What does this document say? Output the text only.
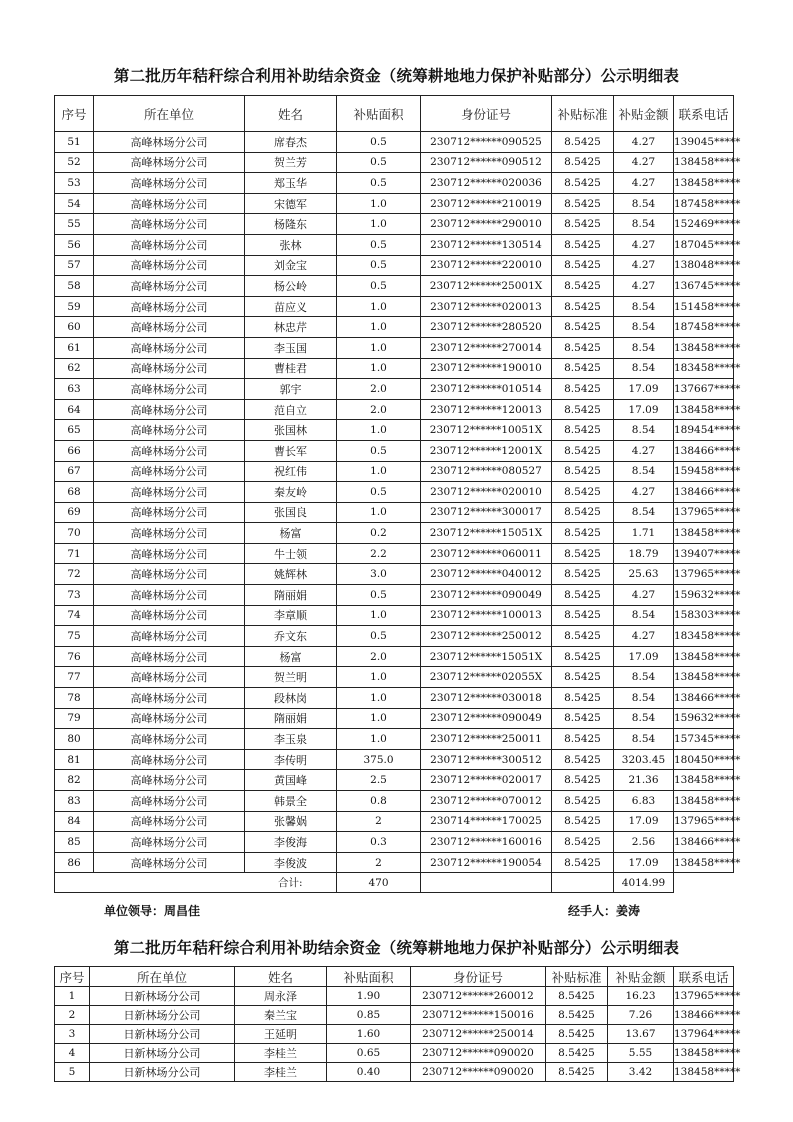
第二批历年秸秆综合利用补助结余资金（统筹耕地地力保护补贴部分）公示明细表
序号	所在单位	姓名	补贴面积	身份证号	补贴标准	补贴金额	联系电话
51	高峰林场分公司	席春杰	0.5	230712******090525	8.5425	4.27	139045*****
52	高峰林场分公司	贺兰芳	0.5	230712******090512	8.5425	4.27	138458*****
53	高峰林场分公司	郑玉华	0.5	230712******020036	8.5425	4.27	138458*****
54	高峰林场分公司	宋德军	1.0	230712******210019	8.5425	8.54	187458*****
55	高峰林场分公司	杨隆东	1.0	230712******290010	8.5425	8.54	152469*****
56	高峰林场分公司	张林	0.5	230712******130514	8.5425	4.27	187045*****
57	高峰林场分公司	刘金宝	0.5	230712******220010	8.5425	4.27	138048*****
58	高峰林场分公司	杨公岭	0.5	230712******25001X	8.5425	4.27	136745*****
59	高峰林场分公司	苗应义	1.0	230712******020013	8.5425	8.54	151458*****
60	高峰林场分公司	林忠芹	1.0	230712******280520	8.5425	8.54	187458*****
61	高峰林场分公司	李玉国	1.0	230712******270014	8.5425	8.54	138458*****
62	高峰林场分公司	曹桂君	1.0	230712******190010	8.5425	8.54	183458*****
63	高峰林场分公司	郭宇	2.0	230712******010514	8.5425	17.09	137667*****
64	高峰林场分公司	范自立	2.0	230712******120013	8.5425	17.09	138458*****
65	高峰林场分公司	张国林	1.0	230712******10051X	8.5425	8.54	189454*****
66	高峰林场分公司	曹长军	0.5	230712******12001X	8.5425	4.27	138466*****
67	高峰林场分公司	祝红伟	1.0	230712******080527	8.5425	8.54	159458*****
68	高峰林场分公司	秦友岭	0.5	230712******020010	8.5425	4.27	138466*****
69	高峰林场分公司	张国良	1.0	230712******300017	8.5425	8.54	137965*****
70	高峰林场分公司	杨富	0.2	230712******15051X	8.5425	1.71	138458*****
71	高峰林场分公司	牛士领	2.2	230712******060011	8.5425	18.79	139407*****
72	高峰林场分公司	姚辉林	3.0	230712******040012	8.5425	25.63	137965*****
73	高峰林场分公司	隋丽娟	0.5	230712******090049	8.5425	4.27	159632*****
74	高峰林场分公司	李章顺	1.0	230712******100013	8.5425	8.54	158303*****
75	高峰林场分公司	乔文东	0.5	230712******250012	8.5425	4.27	183458*****
76	高峰林场分公司	杨富	2.0	230712******15051X	8.5425	17.09	138458*****
77	高峰林场分公司	贺兰明	1.0	230712******02055X	8.5425	8.54	138458*****
78	高峰林场分公司	段林岗	1.0	230712******030018	8.5425	8.54	138466*****
79	高峰林场分公司	隋丽娟	1.0	230712******090049	8.5425	8.54	159632*****
80	高峰林场分公司	李玉泉	1.0	230712******250011	8.5425	8.54	157345*****
81	高峰林场分公司	李传明	375.0	230712******300512	8.5425	3203.45	180450*****
82	高峰林场分公司	黄国峰	2.5	230712******020017	8.5425	21.36	138458*****
83	高峰林场分公司	韩景全	0.8	230712******070012	8.5425	6.83	138458*****
84	高峰林场分公司	张馨娲	2	230714******170025	8.5425	17.09	137965*****
85	高峰林场分公司	李俊海	0.3	230712******160016	8.5425	2.56	138466*****
86	高峰林场分公司	李俊波	2	230712******190054	8.5425	17.09	138458*****
		合计:	470			4014.99	
单位领导：周昌佳	经手人：姜涛
第二批历年秸秆综合利用补助结余资金（统筹耕地地力保护补贴部分）公示明细表
序号	所在单位	姓名	补贴面积	身份证号	补贴标准	补贴金额	联系电话
1	日新林场分公司	周永泽	1.90	230712******260012	8.5425	16.23	137965*****
2	日新林场分公司	秦兰宝	0.85	230712******150016	8.5425	7.26	138466*****
3	日新林场分公司	王延明	1.60	230712******250014	8.5425	13.67	137964*****
4	日新林场分公司	李桂兰	0.65	230712******090020	8.5425	5.55	138458*****
5	日新林场分公司	李桂兰	0.40	230712******090020	8.5425	3.42	138458*****
